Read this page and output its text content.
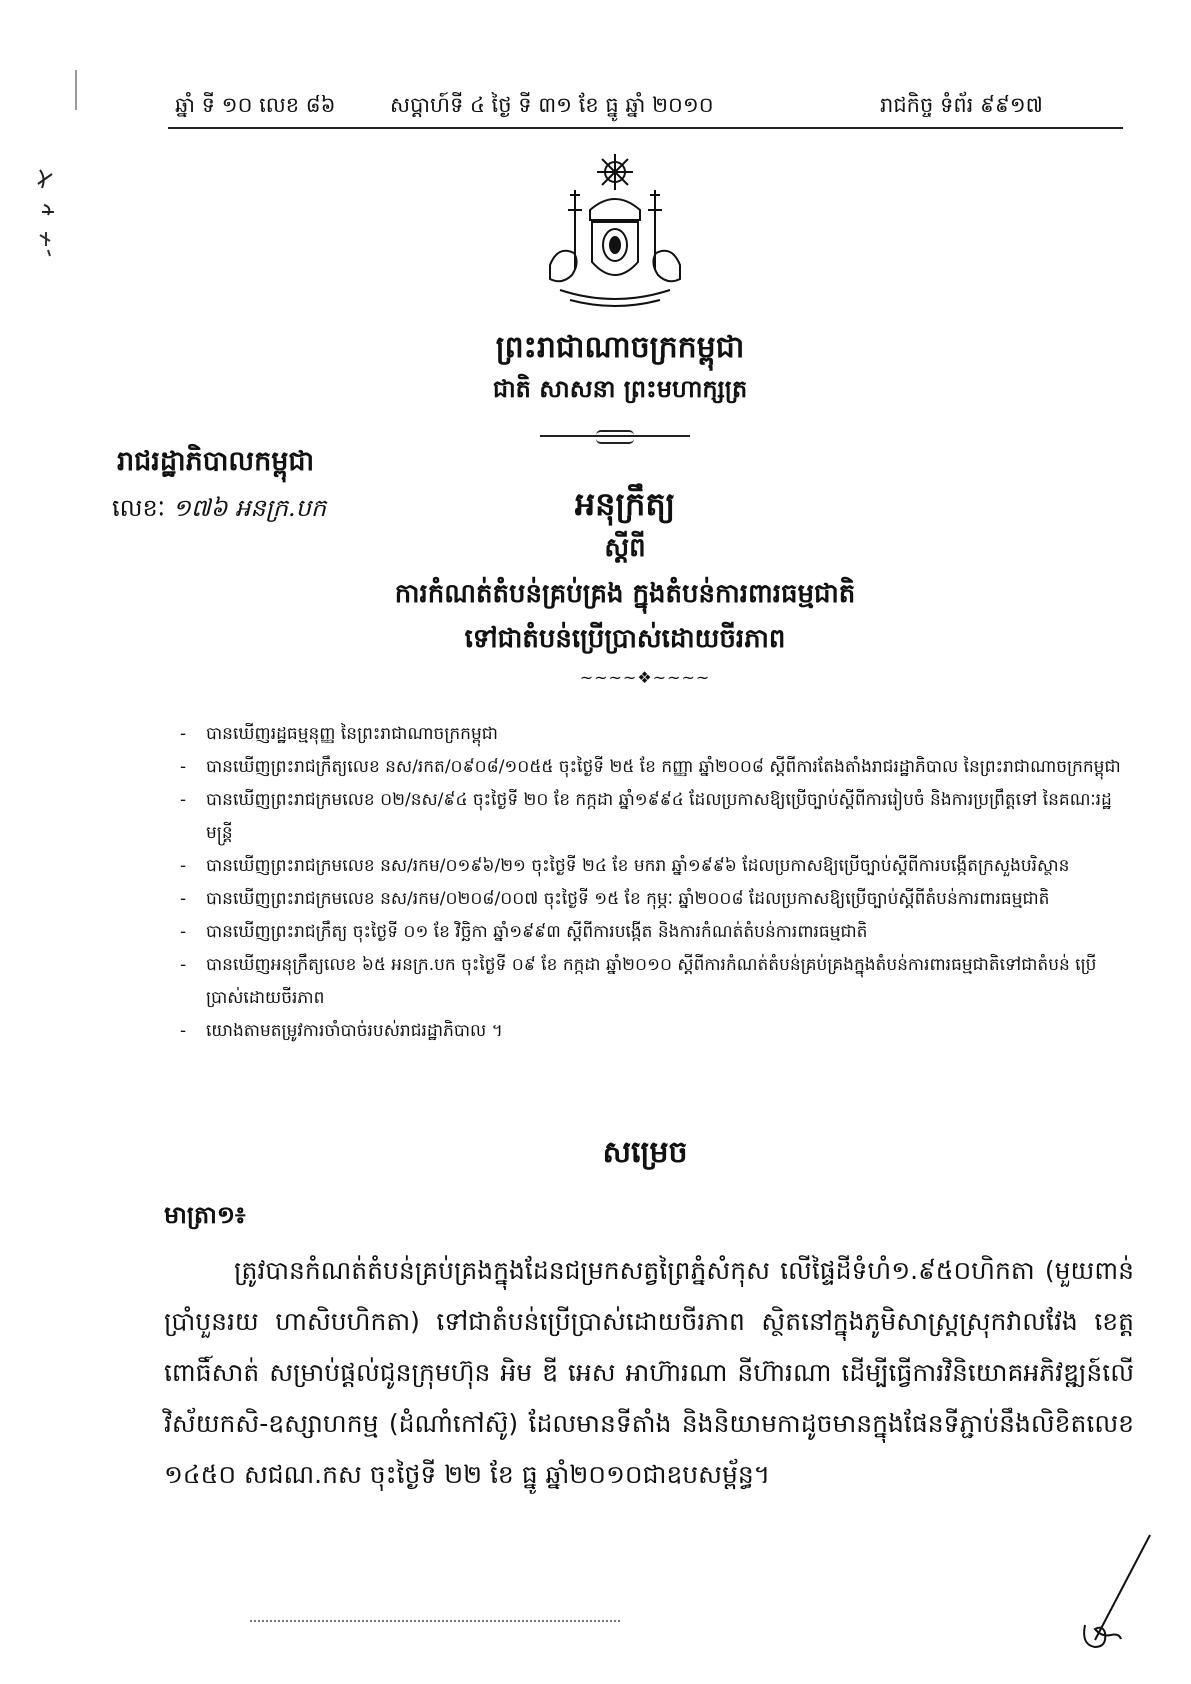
ឆ្នាំ ទី ១០ លេខ ៨៦	សប្ដាហ៍ទី ៤ ថ្ងៃ ទី ៣១ ខែ ធ្នូ ឆ្នាំ ២០១០	រាជកិច្ច ទំព័រ ៩៩១៧
ព្រះរាជាណាចក្រកម្ពុជា
ជាតិ សាសនា ព្រះមហាក្សត្រ
រាជរដ្ឋាភិបាលកម្ពុជា
លេខៈ ១៧៦ អនក្រ.បក	អនុក្រឹត្យ
ស្ដីពី
ការកំណត់តំបន់គ្រប់គ្រង ក្នុងតំបន់ការពារធម្មជាតិ
ទៅជាតំបន់ប្រើប្រាស់ដោយចីរភាព
~~~~❖~~~~
- បានឃើញរដ្ឋធម្មនុញ្ញ នៃព្រះរាជាណាចក្រកម្ពុជា
- បានឃើញព្រះរាជក្រឹត្យលេខ នស/រកត/០៩០៨/១០៥៥ ចុះថ្ងៃទី ២៥ ខែ កញ្ញា ឆ្នាំ២០០៨ ស្ដីពីការតែងតាំងរាជរដ្ឋាភិបាល នៃព្រះរាជាណាចក្រកម្ពុជា
- បានឃើញព្រះរាជក្រមលេខ ០២/នស/៩៤ ចុះថ្ងៃទី ២០ ខែ កក្កដា ឆ្នាំ១៩៩៤ ដែលប្រកាសឱ្យប្រើច្បាប់ស្ដីពីការរៀបចំ និងការប្រព្រឹត្តទៅ នៃគណៈរដ្ឋមន្ត្រី
- បានឃើញព្រះរាជក្រមលេខ នស/រកម/០១៩៦/២១ ចុះថ្ងៃទី ២៤ ខែ មករា ឆ្នាំ១៩៩៦ ដែលប្រកាសឱ្យប្រើច្បាប់ស្ដីពីការបង្កើតក្រសួងបរិស្ថាន
- បានឃើញព្រះរាជក្រមលេខ នស/រកម/០២០៨/០០៧ ចុះថ្ងៃទី ១៥ ខែ កុម្ភៈ ឆ្នាំ២០០៨ ដែលប្រកាសឱ្យប្រើច្បាប់ស្ដីពីតំបន់ការពារធម្មជាតិ
- បានឃើញព្រះរាជក្រឹត្យ ចុះថ្ងៃទី ០១ ខែ វិច្ឆិកា ឆ្នាំ១៩៩៣ ស្ដីពីការបង្កើត និងការកំណត់តំបន់ការពារធម្មជាតិ
- បានឃើញអនុក្រឹត្យលេខ ៦៥ អនក្រ.បក ចុះថ្ងៃទី ០៩ ខែ កក្កដា ឆ្នាំ២០១០ ស្ដីពីការកំណត់តំបន់គ្រប់គ្រងក្នុងតំបន់ការពារធម្មជាតិទៅជាតំបន់ ប្រើប្រាស់ដោយចីរភាព
- យោងតាមតម្រូវការចាំបាច់របស់រាជរដ្ឋាភិបាល ។
សម្រេច
មាត្រា១៖
ត្រូវបានកំណត់តំបន់គ្រប់គ្រងក្នុងដែនជម្រកសត្វព្រៃភ្នំសំកុស លើផ្ទៃដីទំហំ១.៩៥០ហិកតា (មួយពាន់ ប្រាំបួនរយ ហាសិបហិកតា) ទៅជាតំបន់ប្រើប្រាស់ដោយចីរភាព ស្ថិតនៅក្នុងភូមិសាស្ត្រស្រុកវាលវែង ខេត្តពោធិ៍សាត់ សម្រាប់ផ្ដល់ជូនក្រុមហ៊ុន អិម ឌី អេស អាហ៊ារណា នីហ៊ារណា ដើម្បីធ្វើការវិនិយោគអភិវឌ្ឍន៍លើវិស័យកសិ-ឧស្សាហកម្ម (ដំណាំកៅស៊ូ) ដែលមានទីតាំង និងនិយាមកាដូចមានក្នុងផែនទីភ្ជាប់នឹងលិខិតលេខ ១៤៥០ សជណ.កស ចុះថ្ងៃទី ២២ ខែ ធ្នូ ឆ្នាំ២០១០ជាឧបសម្ព័ន្ធ។
